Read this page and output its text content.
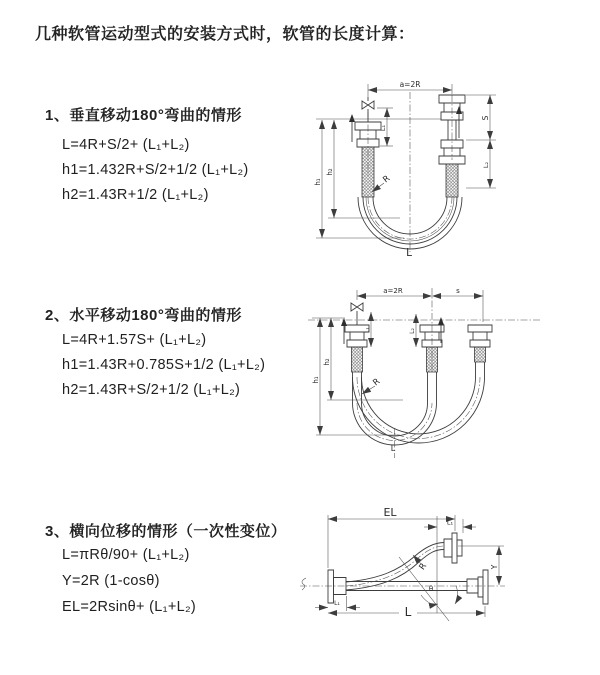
几种软管运动型式的安装方式时，软管的长度计算：
1、垂直移动180°弯曲的情形
L=4R+S/2+ (L₁+L₂)
h1=1.432R+S/2+1/2 (L₁+L₂)
h2=1.43R+1/2 (L₁+L₂)
2、水平移动180°弯曲的情形
L=4R+1.57S+ (L₁+L₂)
h1=1.43R+0.785S+1/2 (L₁+L₂)
h2=1.43R+S/2+1/2 (L₁+L₂)
3、横向位移的情形（一次性变位）
L=πRθ/90+ (L₁+L₂)
Y=2R (1-cosθ)
EL=2Rsinθ+ (L₁+L₂)
a=2R
h₁
h₂
S
L₂
L₁
R
L
a=2R	s
L₁	L₂
h₁
h₂
R
L
θ
R
EL
L₁
Y
L
L₁
